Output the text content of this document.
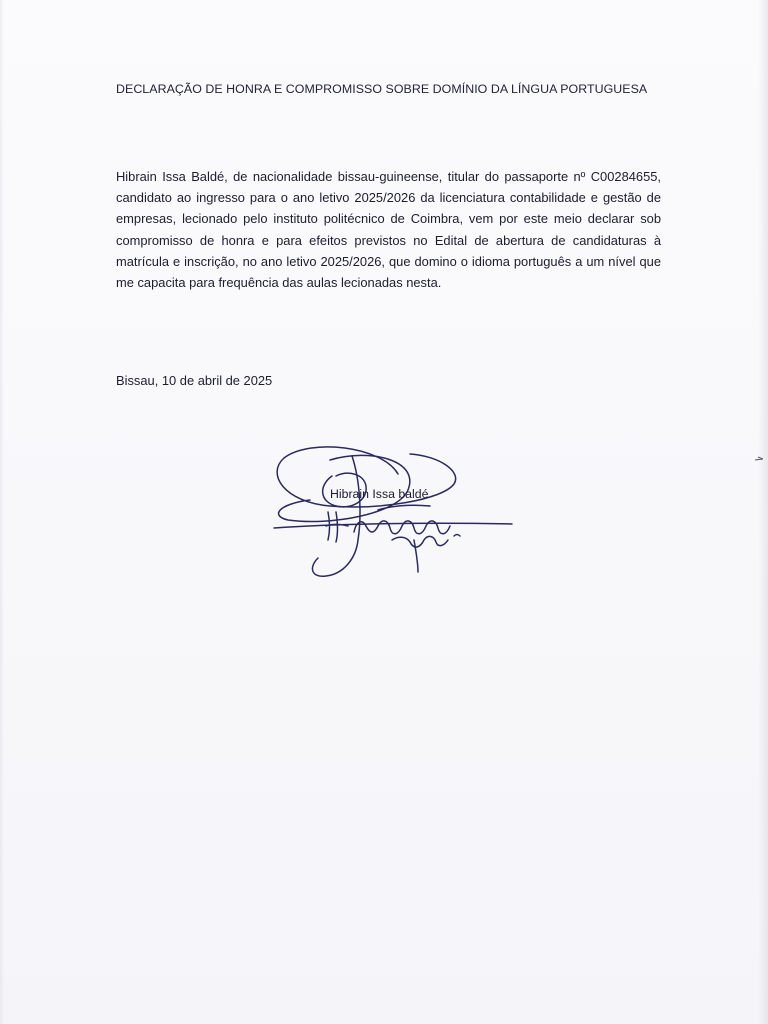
DECLARAÇÃO DE HONRA E COMPROMISSO SOBRE DOMÍNIO DA LÍNGUA PORTUGUESA
Hibrain Issa Baldé, de nacionalidade bissau-guineense, titular do passaporte nº C00284655, candidato ao ingresso para o ano letivo 2025/2026 da licenciatura contabilidade e gestão de empresas, lecionado pelo instituto politécnico de Coimbra, vem por este meio declarar sob compromisso de honra e para efeitos previstos no Edital de abertura de candidaturas à matrícula e inscrição, no ano letivo 2025/2026, que domino o idioma português a um nível que me capacita para frequência das aulas lecionadas nesta.
Bissau, 10 de abril de 2025
Hibrain Issa baldé
